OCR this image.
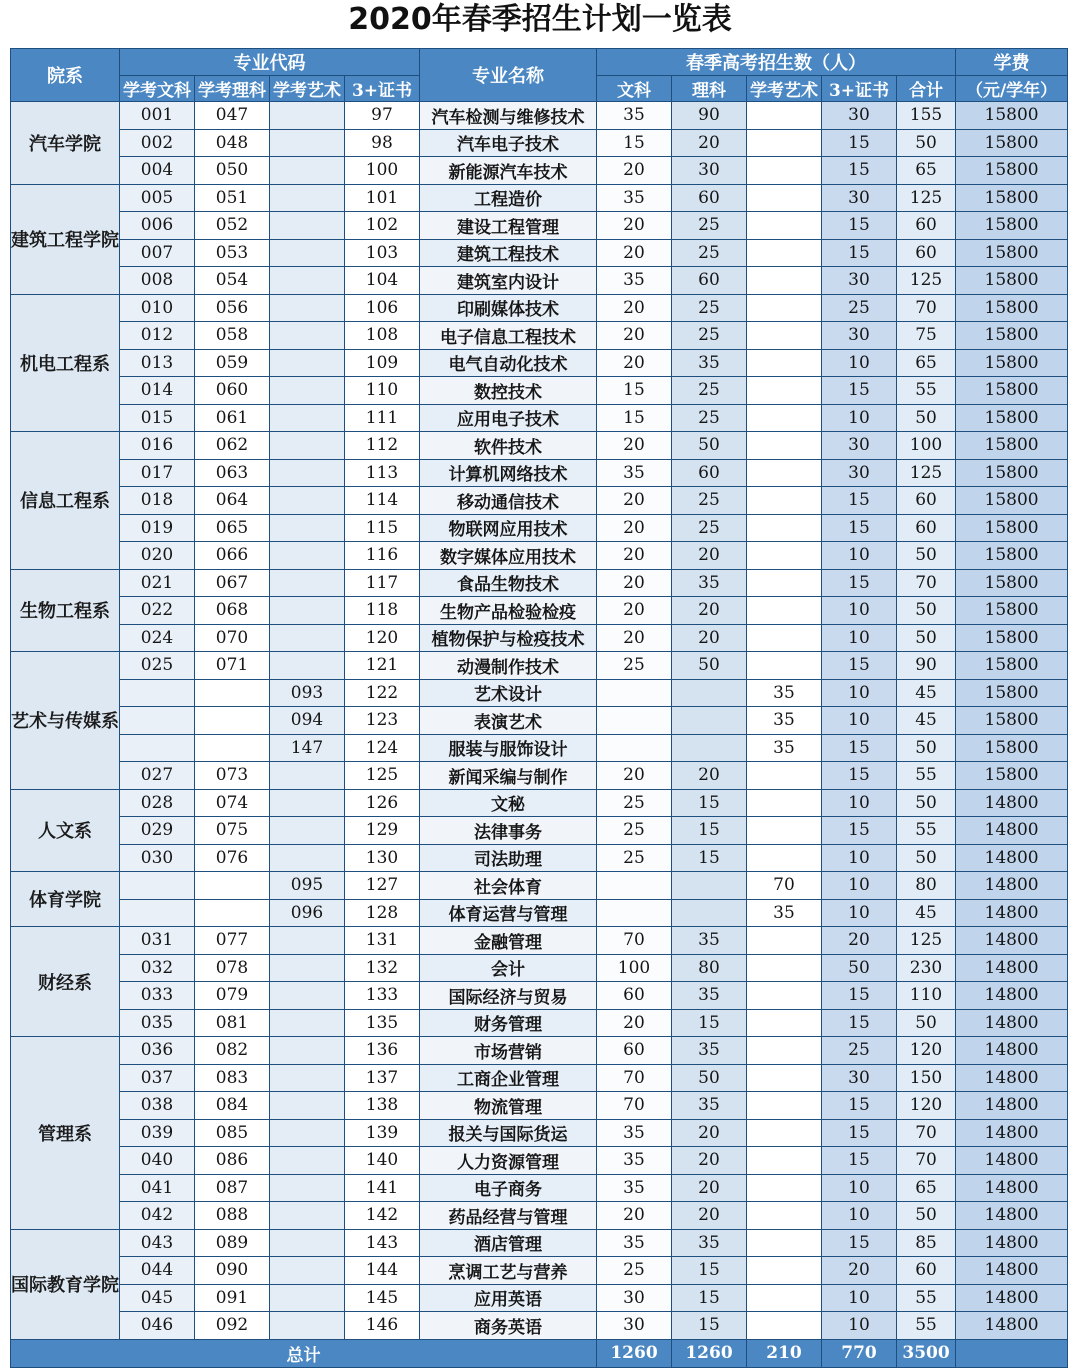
2020年春季招生计划一览表
院系	专业代码				专业名称	春季高考招生数（人）					学费
	学考文科	学考理科	学考艺术	3+证书		文科	理科	学考艺术	3+证书	合计	（元/学年）
汽车学院	001	047		97	汽车检测与维修技术	35	90		30	155	15800
	002	048		98	汽车电子技术	15	20		15	50	15800
	004	050		100	新能源汽车技术	20	30		15	65	15800
建筑工程学院	005	051		101	工程造价	35	60		30	125	15800
	006	052		102	建设工程管理	20	25		15	60	15800
	007	053		103	建筑工程技术	20	25		15	60	15800
	008	054		104	建筑室内设计	35	60		30	125	15800
机电工程系	010	056		106	印刷媒体技术	20	25		25	70	15800
	012	058		108	电子信息工程技术	20	25		30	75	15800
	013	059		109	电气自动化技术	20	35		10	65	15800
	014	060		110	数控技术	15	25		15	55	15800
	015	061		111	应用电子技术	15	25		10	50	15800
信息工程系	016	062		112	软件技术	20	50		30	100	15800
	017	063		113	计算机网络技术	35	60		30	125	15800
	018	064		114	移动通信技术	20	25		15	60	15800
	019	065		115	物联网应用技术	20	25		15	60	15800
	020	066		116	数字媒体应用技术	20	20		10	50	15800
生物工程系	021	067		117	食品生物技术	20	35		15	70	15800
	022	068		118	生物产品检验检疫	20	20		10	50	15800
	024	070		120	植物保护与检疫技术	20	20		10	50	15800
艺术与传媒系	025	071		121	动漫制作技术	25	50		15	90	15800
			093	122	艺术设计			35	10	45	15800
			094	123	表演艺术			35	10	45	15800
			147	124	服装与服饰设计			35	15	50	15800
	027	073		125	新闻采编与制作	20	20		15	55	15800
人文系	028	074		126	文秘	25	15		10	50	14800
	029	075		129	法律事务	25	15		15	55	14800
	030	076		130	司法助理	25	15		10	50	14800
体育学院			095	127	社会体育			70	10	80	14800
			096	128	体育运营与管理			35	10	45	14800
财经系	031	077		131	金融管理	70	35		20	125	14800
	032	078		132	会计	100	80		50	230	14800
	033	079		133	国际经济与贸易	60	35		15	110	14800
	035	081		135	财务管理	20	15		15	50	14800
管理系	036	082		136	市场营销	60	35		25	120	14800
	037	083		137	工商企业管理	70	50		30	150	14800
	038	084		138	物流管理	70	35		15	120	14800
	039	085		139	报关与国际货运	35	20		15	70	14800
	040	086		140	人力资源管理	35	20		15	70	14800
	041	087		141	电子商务	35	20		10	65	14800
	042	088		142	药品经营与管理	20	20		10	50	14800
国际教育学院	043	089		143	酒店管理	35	35		15	85	14800
	044	090		144	烹调工艺与营养	25	15		20	60	14800
	045	091		145	应用英语	30	15		10	55	14800
	046	092		146	商务英语	30	15		10	55	14800
总计						1260	1260	210	770	3500	
